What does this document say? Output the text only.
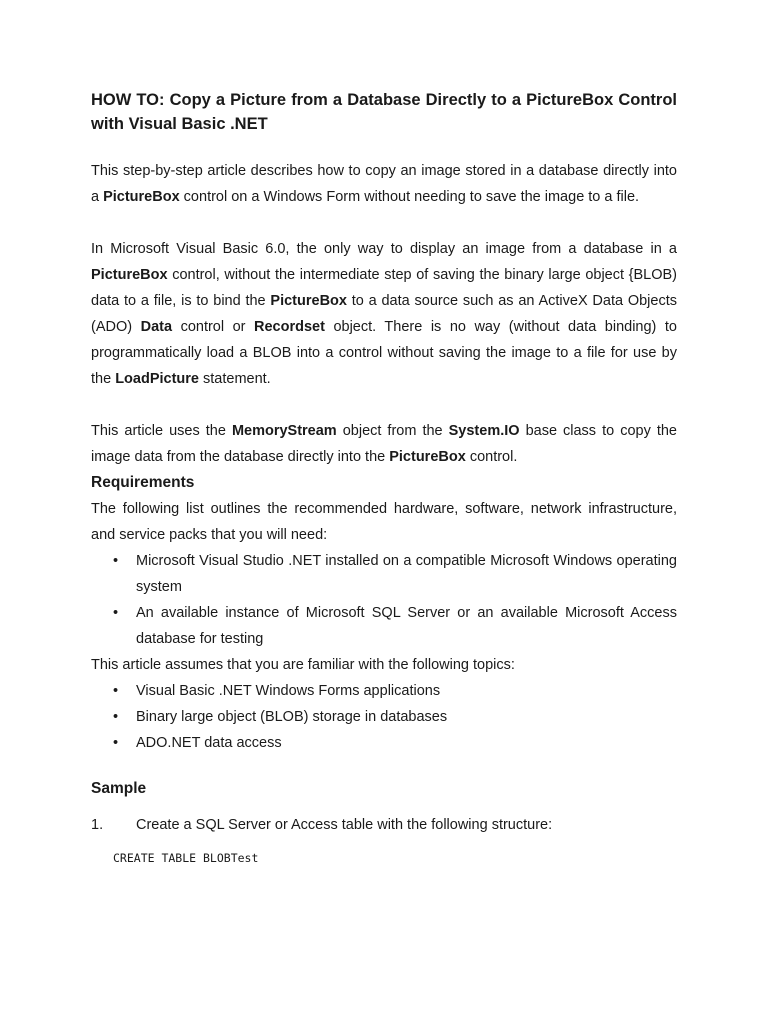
HOW TO: Copy a Picture from a Database Directly to a PictureBox Control with Visual Basic .NET

This step-by-step article describes how to copy an image stored in a database directly into a PictureBox control on a Windows Form without needing to save the image to a file.

In Microsoft Visual Basic 6.0, the only way to display an image from a database in a PictureBox control, without the intermediate step of saving the binary large object {BLOB) data to a file, is to bind the PictureBox to a data source such as an ActiveX Data Objects (ADO) Data control or Recordset object. There is no way (without data binding) to programmatically load a BLOB into a control without saving the image to a file for use by the LoadPicture statement.

This article uses the MemoryStream object from the System.IO base class to copy the image data from the database directly into the PictureBox control.

Requirements

The following list outlines the recommended hardware, software, network infrastructure, and service packs that you will need:

• Microsoft Visual Studio .NET installed on a compatible Microsoft Windows operating system
• An available instance of Microsoft SQL Server or an available Microsoft Access database for testing

This article assumes that you are familiar with the following topics:

• Visual Basic .NET Windows Forms applications
• Binary large object (BLOB) storage in databases
• ADO.NET data access
Sample
1. Create a SQL Server or Access table with the following structure:
CREATE TABLE BLOBTest
